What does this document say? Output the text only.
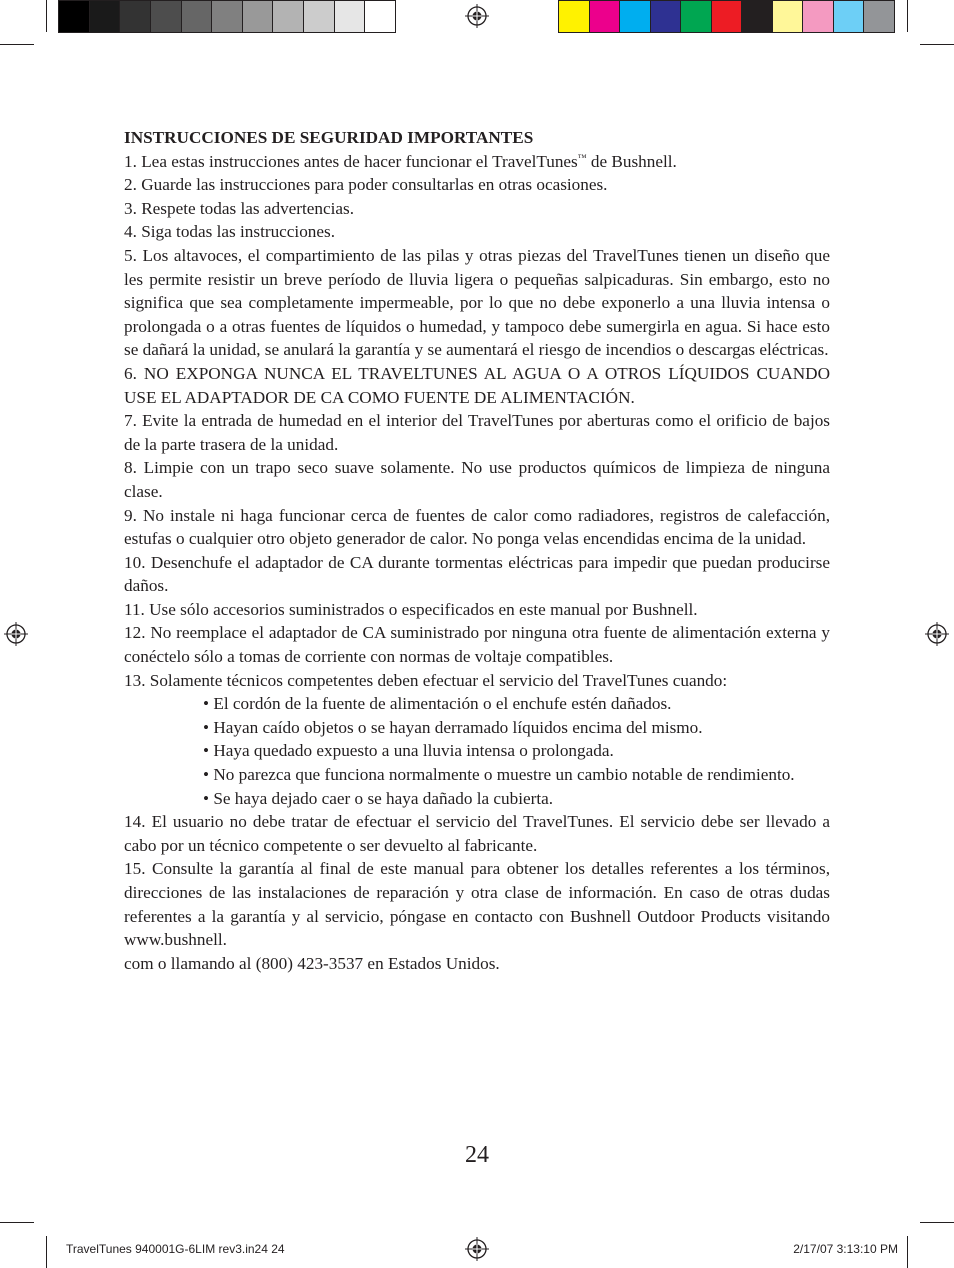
INSTRUCCIONES DE SEGURIDAD IMPORTANTES

1. Lea estas instrucciones antes de hacer funcionar el TravelTunes™ de Bushnell.

2. Guarde las instrucciones para poder consultarlas en otras ocasiones.

3. Respete todas las advertencias.

4. Siga todas las instrucciones.

5. Los altavoces, el compartimiento de las pilas y otras piezas del TravelTunes tienen un diseño que les permite resistir un breve período de lluvia ligera o pequeñas salpicaduras. Sin embargo, esto no significa que sea completamente impermeable, por lo que no debe exponerlo a una lluvia intensa o prolongada o a otras fuentes de líquidos o humedad, y tampoco debe sumergirla en agua. Si hace esto se dañará la unidad, se anulará la garantía y se aumentará el riesgo de incendios o descargas eléctricas.

6. NO EXPONGA NUNCA EL TRAVELTUNES AL AGUA O A OTROS LÍQUIDOS CUANDO USE EL ADAPTADOR DE CA COMO FUENTE DE ALIMENTACIÓN.

7. Evite la entrada de humedad en el interior del TravelTunes por aberturas como el orificio de bajos de la parte trasera de la unidad.

8. Limpie con un trapo seco suave solamente. No use productos químicos de limpieza de ninguna clase.

9. No instale ni haga funcionar cerca de fuentes de calor como radiadores, registros de calefacción, estufas o cualquier otro objeto generador de calor. No ponga velas encendidas encima de la unidad.

10. Desenchufe el adaptador de CA durante tormentas eléctricas para impedir que puedan producirse daños.

11. Use sólo accesorios suministrados o especificados en este manual por Bushnell.

12. No reemplace el adaptador de CA suministrado por ninguna otra fuente de alimentación externa y conéctelo sólo a tomas de corriente con normas de voltaje compatibles.

13. Solamente técnicos competentes deben efectuar el servicio del TravelTunes cuando:

• El cordón de la fuente de alimentación o el enchufe estén dañados.

• Hayan caído objetos o se hayan derramado líquidos encima del mismo.

• Haya quedado expuesto a una lluvia intensa o prolongada.

• No parezca que funciona normalmente o muestre un cambio notable de rendimiento.

• Se haya dejado caer o se haya dañado la cubierta.

14. El usuario no debe tratar de efectuar el servicio del TravelTunes. El servicio debe ser llevado a cabo por un técnico competente o ser devuelto al fabricante.

15. Consulte la garantía al final de este manual para obtener los detalles referentes a los términos, direcciones de las instalaciones de reparación y otra clase de información. En caso de otras dudas referentes a la garantía y al servicio, póngase en contacto con Bushnell Outdoor Products visitando www.bushnell.

com o llamando al (800) 423-3537 en Estados Unidos.

24
TravelTunes 940001G-6LIM rev3.in24 24	2/17/07 3:13:10 PM
